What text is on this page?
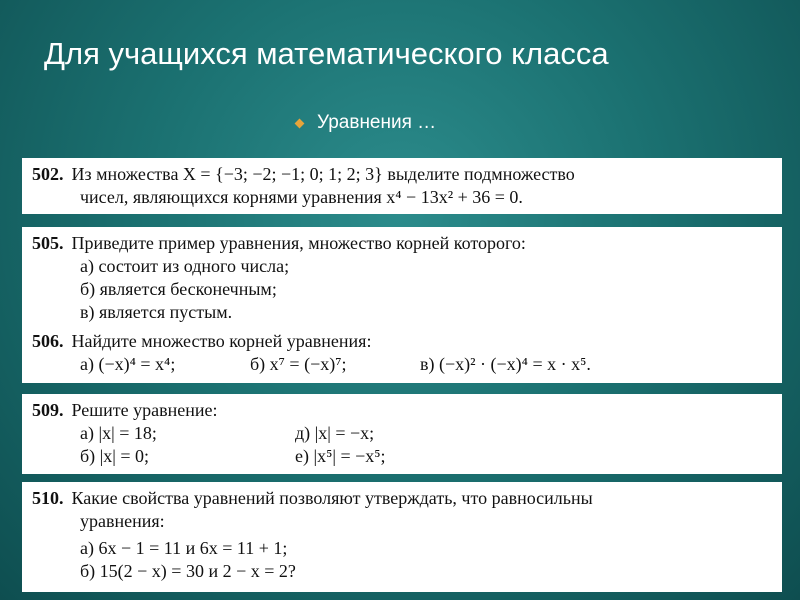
Для учащихся математического класса
Уравнения …
502. Из множества X = {−3; −2; −1; 0; 1; 2; 3} выделите подмножество
чисел, являющихся корнями уравнения x⁴ − 13x² + 36 = 0.
505. Приведите пример уравнения, множество корней которого:
а) состоит из одного числа;
б) является бесконечным;
в) является пустым.
506. Найдите множество корней уравнения:
а) (−x)⁴ = x⁴;	б) x⁷ = (−x)⁷;	в) (−x)² · (−x)⁴ = x · x⁵.
509. Решите уравнение:
а) |x| = 18;	д) |x| = −x;
б) |x| = 0;	е) |x⁵| = −x⁵;
510. Какие свойства уравнений позволяют утверждать, что равносильны
уравнения:
а) 6x − 1 = 11 и 6x = 11 + 1;
б) 15(2 − x) = 30 и 2 − x = 2?
